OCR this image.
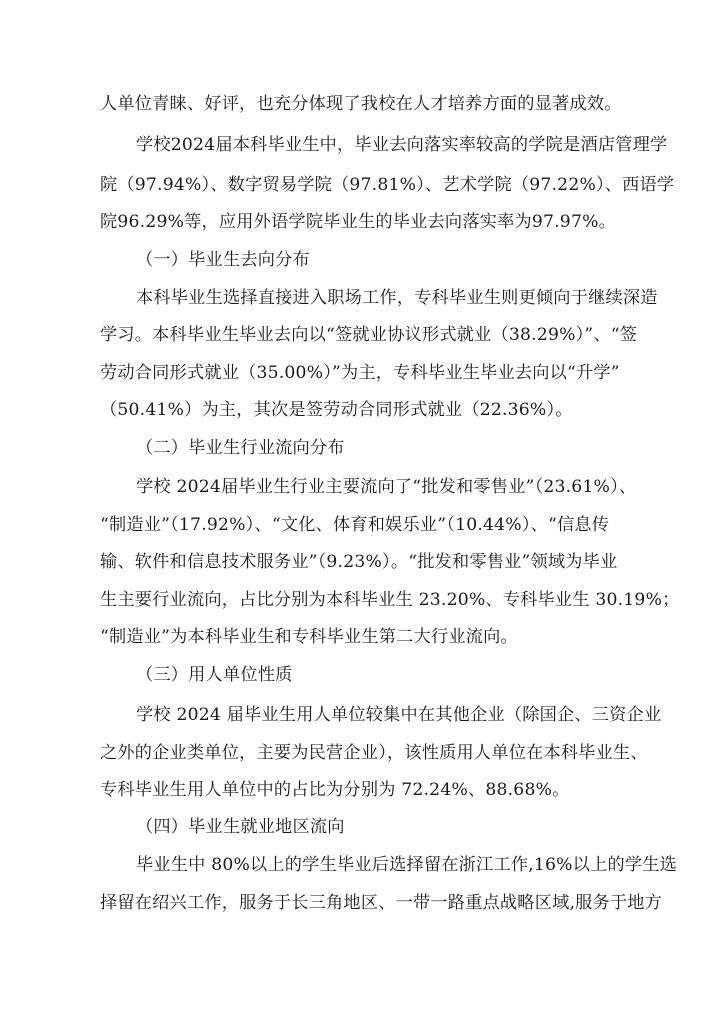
人单位青睐、好评，也充分体现了我校在人才培养方面的显著成效。
学校2024届本科毕业生中，毕业去向落实率较高的学院是酒店管理学
院（97.94%）、数字贸易学院（97.81%）、艺术学院（97.22%）、西语学
院96.29%等，应用外语学院毕业生的毕业去向落实率为97.97%。
（一）毕业生去向分布
本科毕业生选择直接进入职场工作，专科毕业生则更倾向于继续深造
学习。本科毕业生毕业去向以“签就业协议形式就业（38.29%）”、“签
劳动合同形式就业（35.00%）”为主，专科毕业生毕业去向以“升学”
（50.41%）为主，其次是签劳动合同形式就业（22.36%）。
（二）毕业生行业流向分布
学校 2024届毕业生行业主要流向了“批发和零售业”（23.61%）、
“制造业”（17.92%）、“文化、体育和娱乐业”（10.44%）、“信息传
输、软件和信息技术服务业”（9.23%）。“批发和零售业”领域为毕业
生主要行业流向，占比分别为本科毕业生 23.20%、专科毕业生 30.19%；
“制造业”为本科毕业生和专科毕业生第二大行业流向。
（三）用人单位性质
学校 2024 届毕业生用人单位较集中在其他企业（除国企、三资企业
之外的企业类单位，主要为民营企业），该性质用人单位在本科毕业生、
专科毕业生用人单位中的占比为分别为 72.24%、88.68%。
（四）毕业生就业地区流向
毕业生中 80%以上的学生毕业后选择留在浙江工作,16%以上的学生选
择留在绍兴工作，服务于长三角地区、一带一路重点战略区域,服务于地方
